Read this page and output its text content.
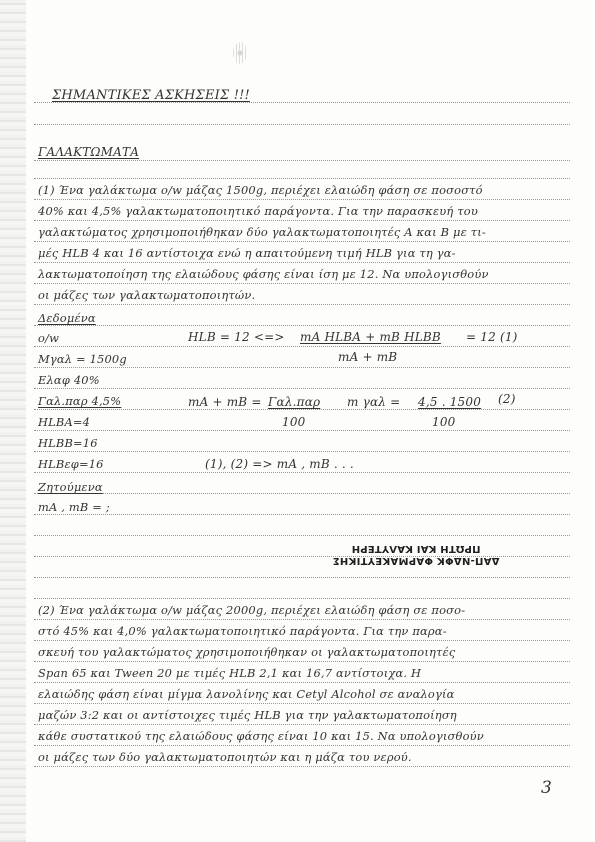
ΣΗΜΑΝΤΙΚΕΣ ΑΣΚΗΣΕΙΣ !!!
ΓΑΛΑΚΤΩΜΑΤΑ
(1) Ένα γαλάκτωμα ο/w μάζας 1500g, περιέχει ελαιώδη φάση σε ποσοστό
40% και 4,5% γαλακτωματοποιητικό παράγοντα. Για την παρασκευή του
γαλακτώματος χρησιμοποιήθηκαν δύο γαλακτωματοποιητές Α και Β με τι-
μές HLB 4 και 16 αντίστοιχα ενώ η απαιτούμενη τιμή HLB για τη γα-
λακτωματοποίηση της ελαιώδους φάσης είναι ίση με 12. Να υπολογισθούν
οι μάζες των γαλακτωματοποιητών.
Δεδομένα
o/w
Μγαλ = 1500g
Ελαφ 40%
Γαλ.παρ 4,5%
HLBA=4
HLBB=16
HLBεφ=16
Ζητούμενα
mA , mB = ;
HLB = 12 <=> mA HLBA + mB HLBB
mA + mB
= 12 (1)
mA + mB = Γαλ.παρ
100
m γαλ = 4,5 . 1500
100
(2)
(1), (2) => mA , mB . . .
ΔΑΠ-ΝΔΦΚ ΦΑΡΜΑΚΕΥΤΙΚΗΣ
ΠΡΩΤΗ ΚΑΙ ΚΑΛΥΤΕΡΗ
(2) Ένα γαλάκτωμα ο/w μάζας 2000g, περιέχει ελαιώδη φάση σε ποσο-
στό 45% και 4,0% γαλακτωματοποιητικό παράγοντα. Για την παρα-
σκευή του γαλακτώματος χρησιμοποιήθηκαν οι γαλακτωματοποιητές
Span 65 και Tween 20 με τιμές HLB 2,1 και 16,7 αντίστοιχα. Η
ελαιώδης φάση είναι μίγμα λανολίνης και Cetyl Alcohol σε αναλογία
μαζών 3:2 και οι αντίστοιχες τιμές HLB για την γαλακτωματοποίηση
κάθε συστατικού της ελαιώδους φάσης είναι 10 και 15. Να υπολογισθούν
οι μάζες των δύο γαλακτωματοποιητών και η μάζα του νερού.
3
